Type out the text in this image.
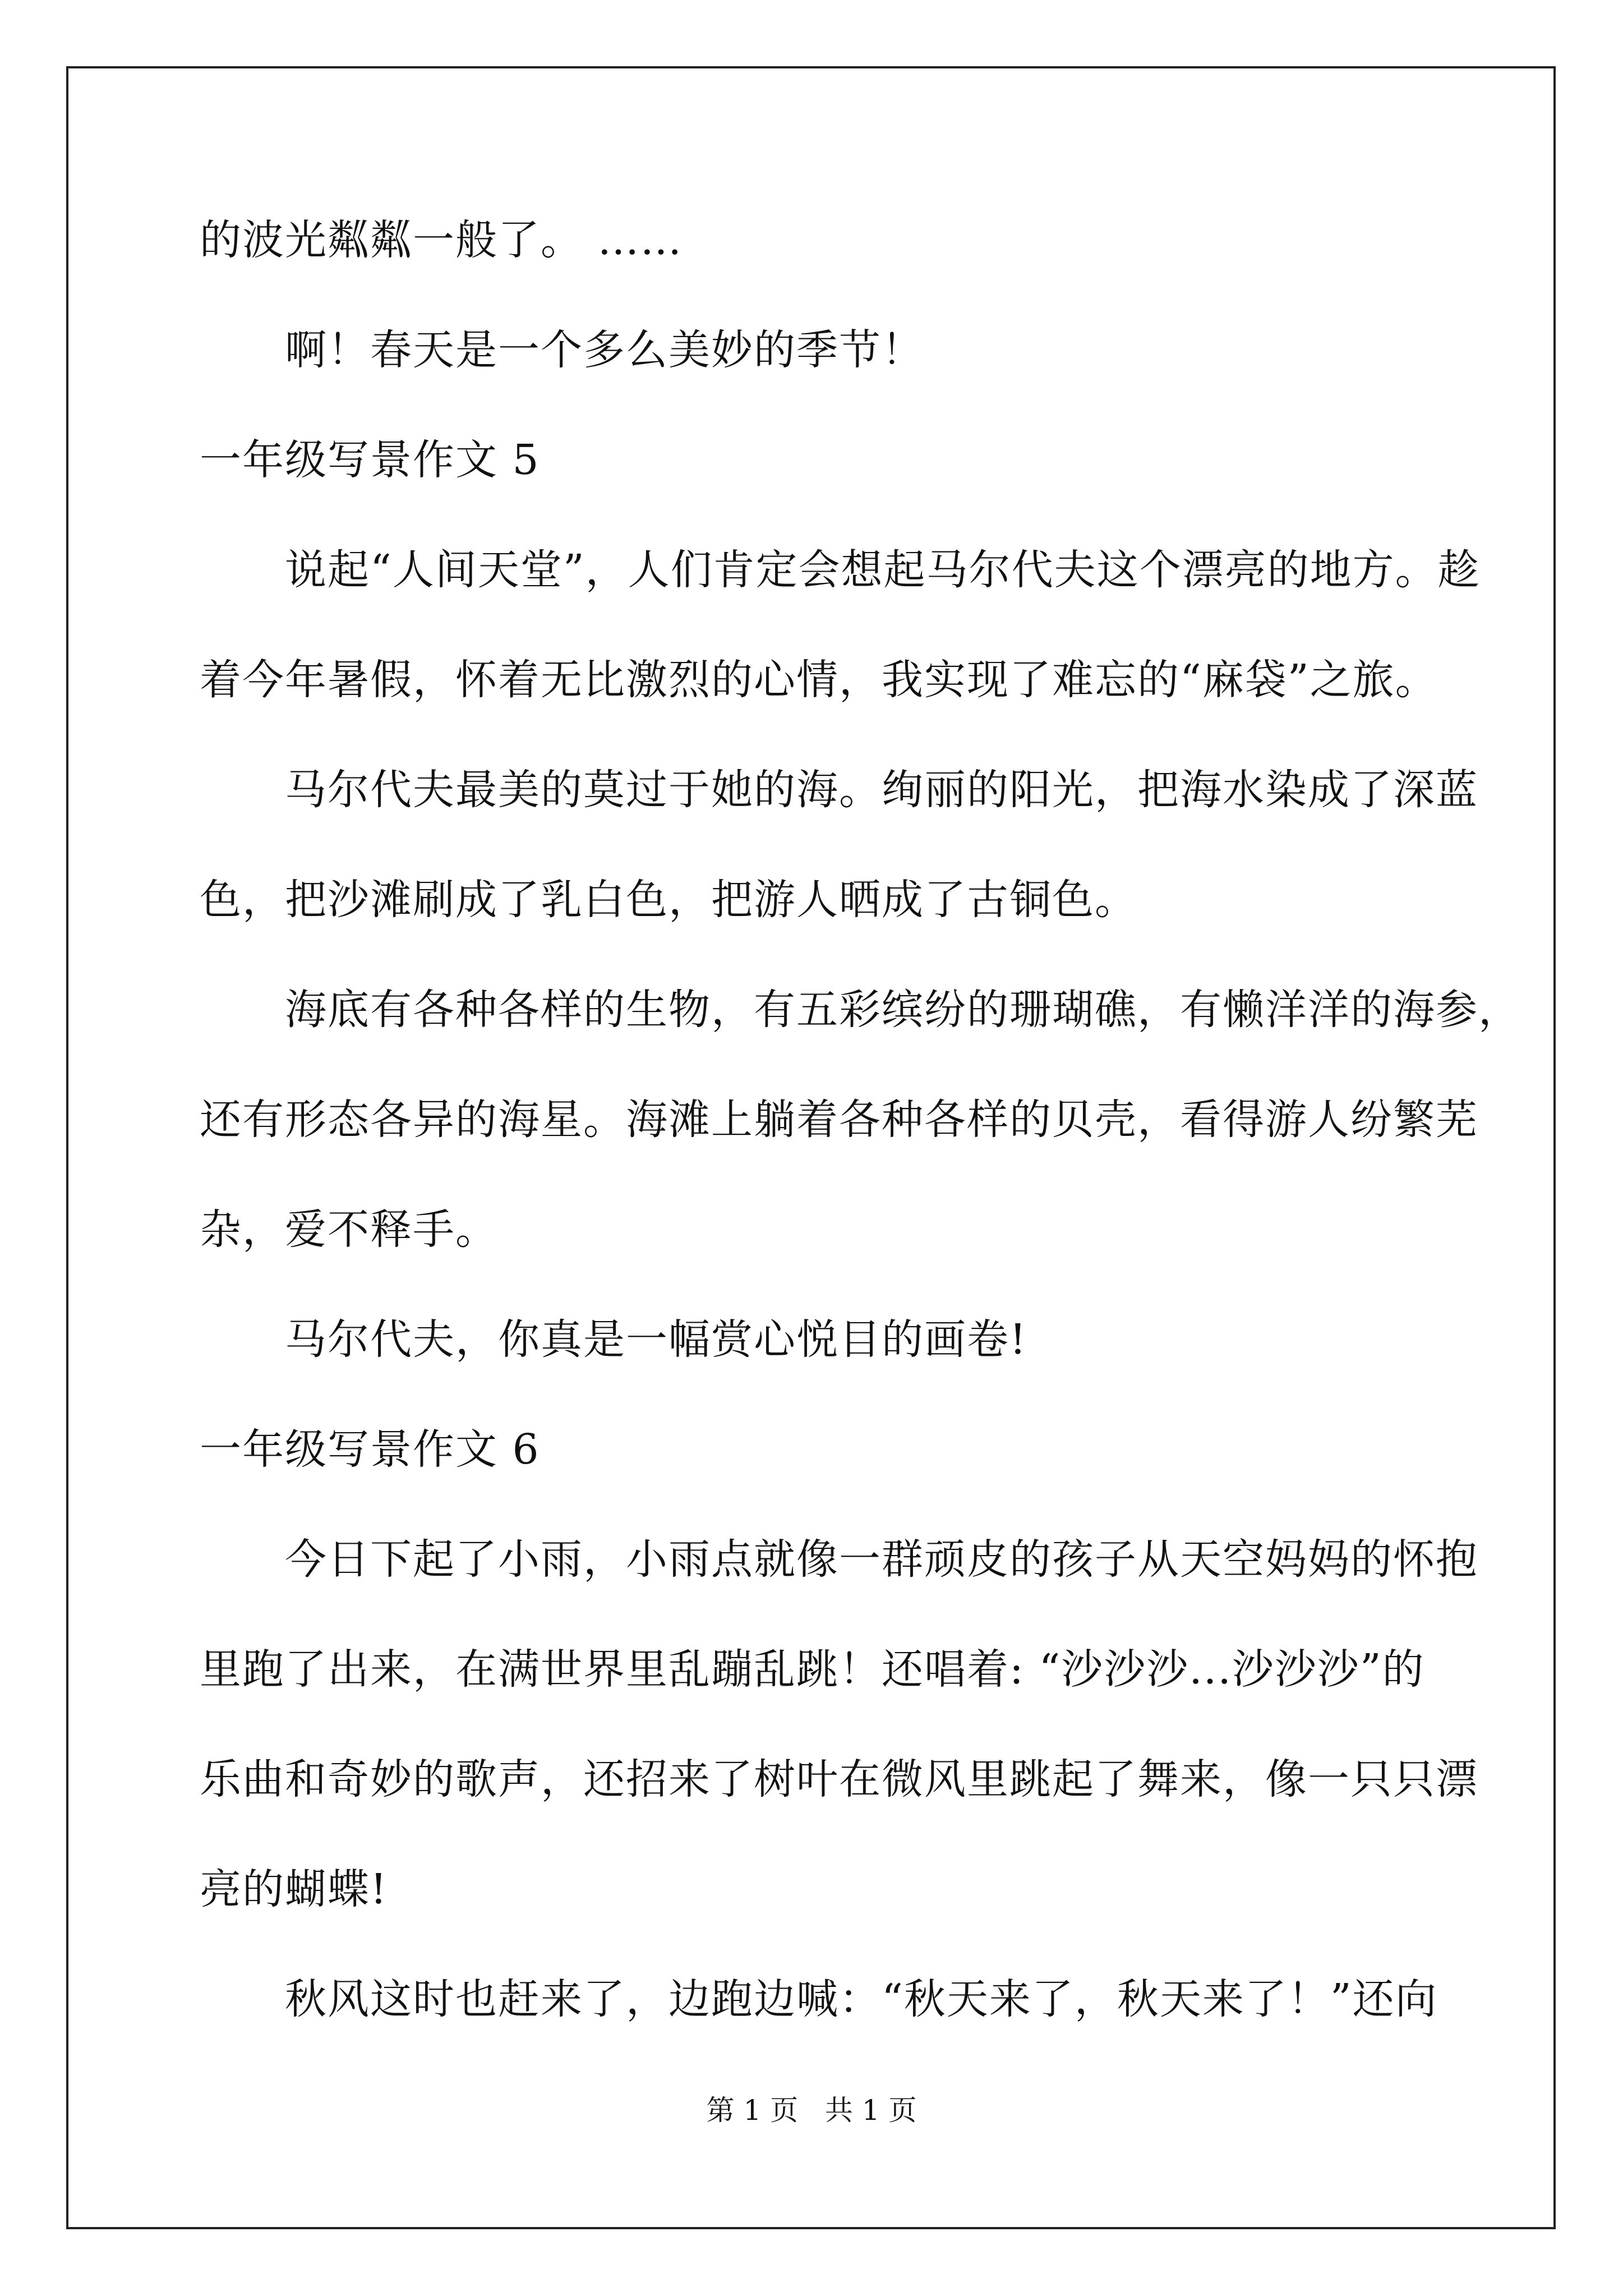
的波光粼粼一般了。 ……

啊！春天是一个多么美妙的季节！

一年级写景作文 5

说起“人间天堂”，人们肯定会想起马尔代夫这个漂亮的地方。趁

着今年暑假，怀着无比激烈的心情，我实现了难忘的“麻袋”之旅。

马尔代夫最美的莫过于她的海。绚丽的阳光，把海水染成了深蓝

色，把沙滩刷成了乳白色，把游人晒成了古铜色。

海底有各种各样的生物，有五彩缤纷的珊瑚礁，有懒洋洋的海参，

还有形态各异的海星。海滩上躺着各种各样的贝壳，看得游人纷繁芜

杂，爱不释手。

马尔代夫，你真是一幅赏心悦目的画卷!

一年级写景作文 6

今日下起了小雨，小雨点就像一群顽皮的孩子从天空妈妈的怀抱

里跑了出来，在满世界里乱蹦乱跳！还唱着: “沙沙沙...沙沙沙”的

乐曲和奇妙的歌声，还招来了树叶在微风里跳起了舞来，像一只只漂

亮的蝴蝶!

秋风这时也赶来了，边跑边喊：“秋天来了，秋天来了！”还向

第 1 页   共 1 页
